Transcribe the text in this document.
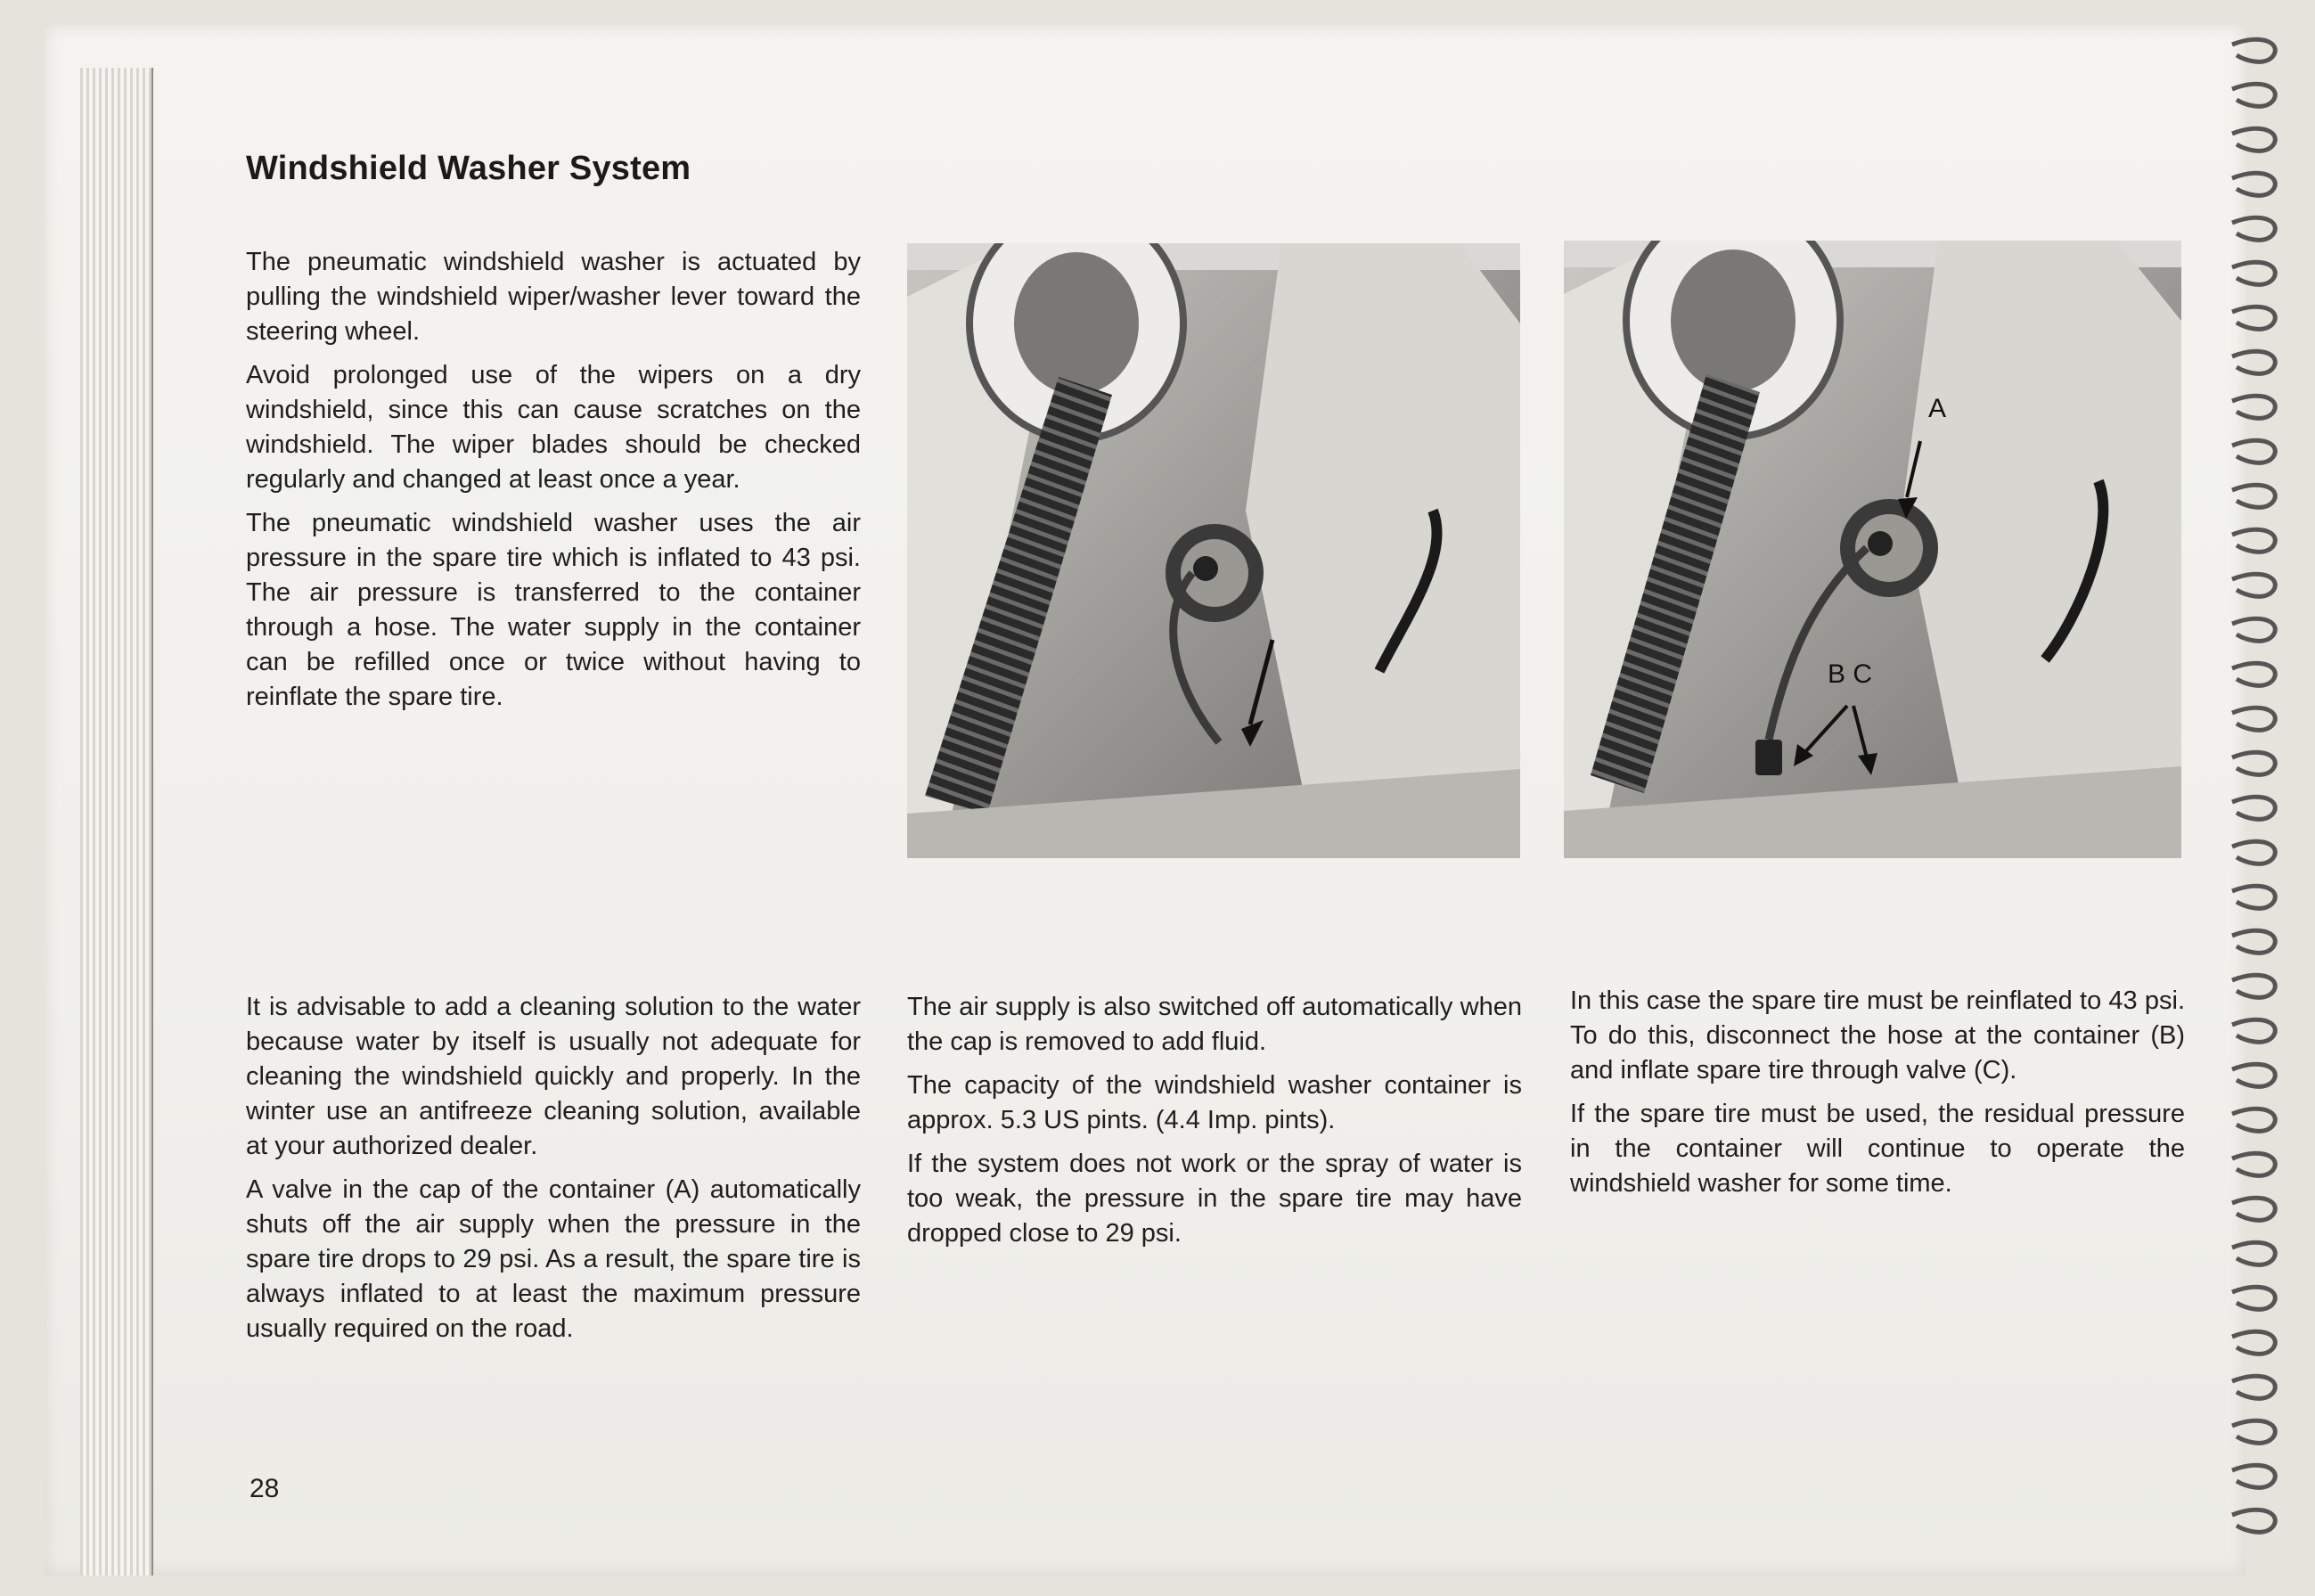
Windshield Washer System

The pneumatic windshield washer is actuated by pulling the windshield wiper/washer lever toward the steering wheel.

Avoid prolonged use of the wipers on a dry windshield, since this can cause scratches on the windshield. The wiper blades should be checked regularly and changed at least once a year.

The pneumatic windshield washer uses the air pressure in the spare tire which is inflated to 43 psi. The air pressure is transferred to the container through a hose. The water supply in the container can be refilled once or twice without having to reinflate the spare tire.

A
B C

It is advisable to add a cleaning solution to the water because water by itself is usually not adequate for cleaning the windshield quickly and properly. In the winter use an antifreeze cleaning solution, available at your authorized dealer.

A valve in the cap of the container (A) automatically shuts off the air supply when the pressure in the spare tire drops to 29 psi. As a result, the spare tire is always inflated to at least the maximum pressure usually required on the road.

The air supply is also switched off automatically when the cap is removed to add fluid.

The capacity of the windshield washer container is approx. 5.3 US pints. (4.4 Imp. pints).

If the system does not work or the spray of water is too weak, the pressure in the spare tire may have dropped close to 29 psi.

In this case the spare tire must be reinflated to 43 psi. To do this, disconnect the hose at the container (B) and inflate spare tire through valve (C).

If the spare tire must be used, the residual pressure in the container will continue to operate the windshield washer for some time.

28
